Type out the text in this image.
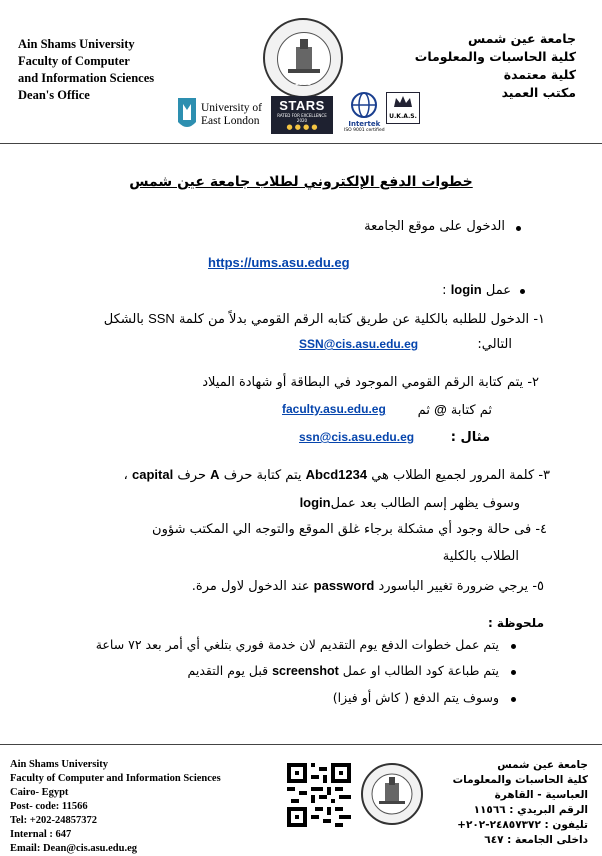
Ain Shams University
Faculty of Computer
and Information Sciences
Dean's Office
1995
جامعة عين شمس
كلية الحاسبات والمعلومات
كلية معتمدة
مكتب العميد
University of
East London
STARS
RATED FOR EXCELLENCE
2020
● ● ● ●	Intertek
ISO 9001 certified
U.K.A.S.
خطوات الدفع الإلكتروني لطلاب جامعة عين شمس
الدخول على موقع الجامعة
https://ums.asu.edu.eg
عمل login :
١- الدخول للطلبه بالكلية عن طريق كتابه الرقم القومي بدلاً من كلمة SSN بالشكل
التالي:
SSN@cis.asu.edu.eg
٢- يتم كتابة الرقم القومي الموجود في البطاقة أو شهادة الميلاد
ثم كتابة @ ثم
faculty.asu.edu.eg
مثال :
ssn@cis.asu.edu.eg
٣- كلمة المرور لجميع الطلاب هي Abcd1234 يتم كتابة حرف A حرف capital ،
وسوف يظهر إسم الطالب بعد عملlogin
٤- فى حالة وجود أي مشكلة برجاء غلق الموقع والتوجه الي المكتب شؤون
الطلاب بالكلية
٥- يرجي ضرورة تغيير الباسورد password عند الدخول لاول مرة.
ملحوظة :
يتم عمل خطوات الدفع يوم التقديم لان خدمة فوري بتلغي أي أمر بعد ٧٢ ساعة
يتم طباعة كود الطالب او عمل screenshot قبل يوم التقديم
وسوف يتم الدفع ( كاش أو فيزا)
Ain Shams University
Faculty of Computer and Information Sciences
Cairo- Egypt
Post- code: 11566
Tel: +202-24857372
Internal : 647
Email: Dean@cis.asu.edu.eg
جامعة عين شمس
كلية الحاسبات والمعلومات
العباسية - القاهرة
الرقم البريدي : ١١٥٦٦
تليفون : ٢٤٨٥٧٣٧٢-٢٠٢+
داخلى الجامعة : ٦٤٧
